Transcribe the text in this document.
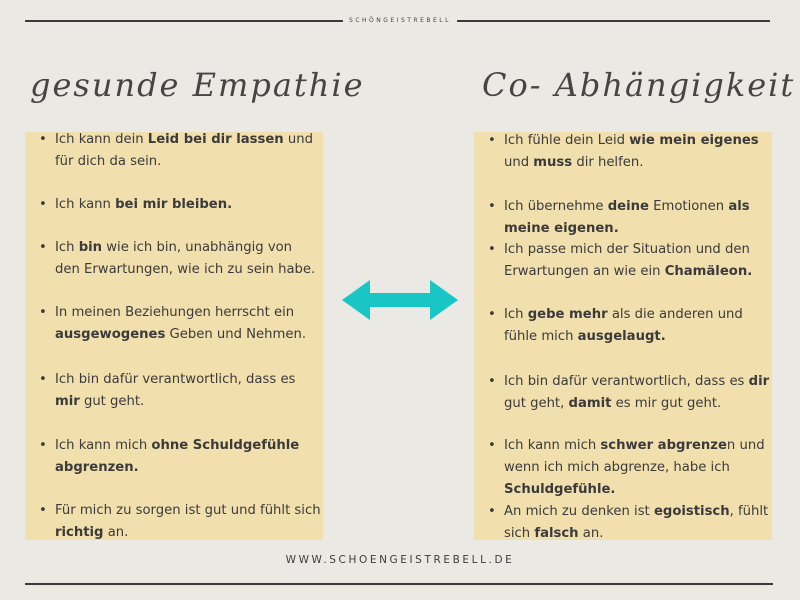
SCHÖNGEISTREBELL
gesunde Empathie	Co- Abhängigkeit
• Ich kann dein Leid bei dir lassen und für dich da sein.
• Ich kann bei mir bleiben.
• Ich bin wie ich bin, unabhängig von den Erwartungen, wie ich zu sein habe.
• In meinen Beziehungen herrscht ein ausgewogenes Geben und Nehmen.
• Ich bin dafür verantwortlich, dass es mir gut geht.
• Ich kann mich ohne Schuldgefühle abgrenzen.
• Für mich zu sorgen ist gut und fühlt sich richtig an.
• Ich fühle dein Leid wie mein eigenes und muss dir helfen.
• Ich übernehme deine Emotionen als meine eigenen.
• Ich passe mich der Situation und den Erwartungen an wie ein Chamäleon.
• Ich gebe mehr als die anderen und fühle mich ausgelaugt.
• Ich bin dafür verantwortlich, dass es dir gut geht, damit es mir gut geht.
• Ich kann mich schwer abgrenzen und wenn ich mich abgrenze, habe ich Schuldgefühle.
• An mich zu denken ist egoistisch, fühlt sich falsch an.
WWW.SCHOENGEISTREBELL.DE
